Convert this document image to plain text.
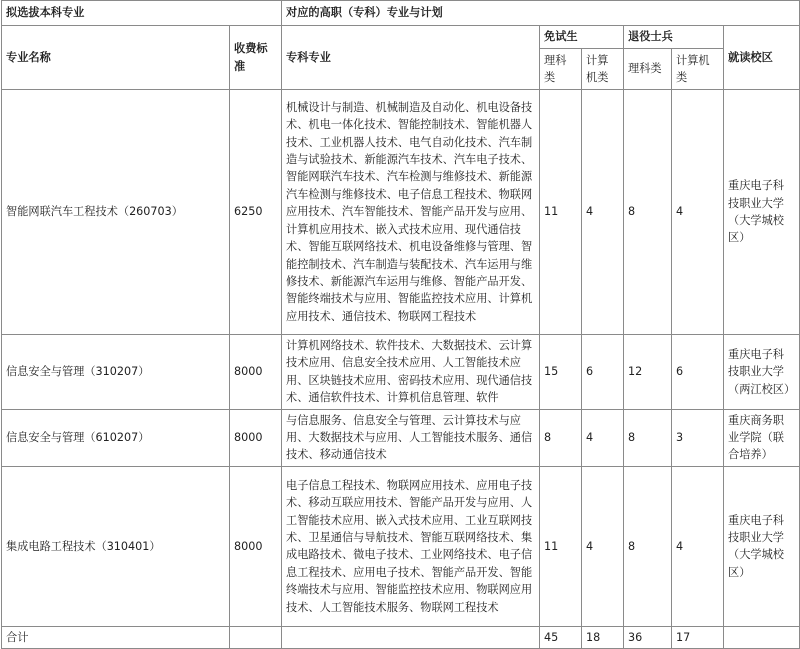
拟选拔本科专业		对应的高职（专科）专业与计划					
专业名称	收费标准	专科专业	免试生		退役士兵		就读校区
			理科类	计算机类	理科类	计算机类	
智能网联汽车工程技术（260703）	6250	机械设计与制造、机械制造及自动化、机电设备技术、机电一体化技术、智能控制技术、智能机器人技术、工业机器人技术、电气自动化技术、汽车制造与试验技术、新能源汽车技术、汽车电子技术、智能网联汽车技术、汽车检测与维修技术、新能源汽车检测与维修技术、电子信息工程技术、物联网应用技术、汽车智能技术、智能产品开发与应用、计算机应用技术、嵌入式技术应用、现代通信技术、智能互联网络技术、机电设备维修与管理、智能控制技术、汽车制造与装配技术、汽车运用与维修技术、新能源汽车运用与维修、智能产品开发、智能终端技术与应用、智能监控技术应用、计算机应用技术、通信技术、物联网工程技术	11	4	8	4	重庆电子科技职业大学（大学城校区）
信息安全与管理（310207）	8000	计算机网络技术、软件技术、大数据技术、云计算技术应用、信息安全技术应用、人工智能技术应用、区块链技术应用、密码技术应用、现代通信技术、通信软件技术、计算机信息管理、软件	15	6	12	6	重庆电子科技职业大学（两江校区）
信息安全与管理（610207）	8000	与信息服务、信息安全与管理、云计算技术与应用、大数据技术与应用、人工智能技术服务、通信技术、移动通信技术	8	4	8	3	重庆商务职业学院（联合培养）
集成电路工程技术（310401）	8000	电子信息工程技术、物联网应用技术、应用电子技术、移动互联应用技术、智能产品开发与应用、人工智能技术应用、嵌入式技术应用、工业互联网技术、卫星通信与导航技术、智能互联网络技术、集成电路技术、微电子技术、工业网络技术、电子信息工程技术、应用电子技术、智能产品开发、智能终端技术与应用、智能监控技术应用、物联网应用技术、人工智能技术服务、物联网工程技术	11	4	8	4	重庆电子科技职业大学（大学城校区）
合计			45	18	36	17	
